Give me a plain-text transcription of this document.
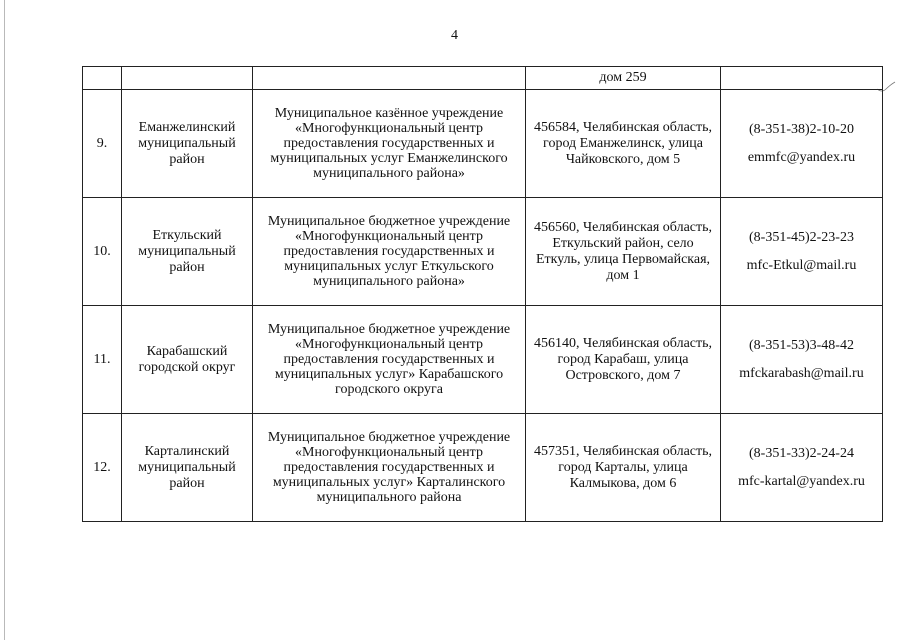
4
			дом 259	
9.	Еманжелинский муниципальный район	Муниципальное казённое учреждение «Многофункциональный центр предоставления государственных и муниципальных услуг Еманжелинского муниципального района»	456584, Челябинская область, город Еманжелинск, улица Чайковского, дом 5	(8-351-38)2-10-20
emmfc@yandex.ru

10.	Еткульский муниципальный район	Муниципальное бюджетное учреждение «Многофункциональный центр предоставления государственных и муниципальных услуг Еткульского муниципального района»	456560, Челябинская область, Еткульский район, село Еткуль, улица Первомайская, дом 1	(8-351-45)2-23-23
mfc-Etkul@mail.ru

11.	Карабашский городской округ	Муниципальное бюджетное учреждение «Многофункциональный центр предоставления государственных и муниципальных услуг» Карабашского городского округа	456140, Челябинская область, город Карабаш, улица Островского, дом 7	(8-351-53)3-48-42
mfckarabash@mail.ru

12.	Карталинский муниципальный район	Муниципальное бюджетное учреждение «Многофункциональный центр предоставления государственных и муниципальных услуг» Карталинского муниципального района	457351, Челябинская область, город Карталы, улица Калмыкова, дом 6	(8-351-33)2-24-24
mfc-kartal@yandex.ru
